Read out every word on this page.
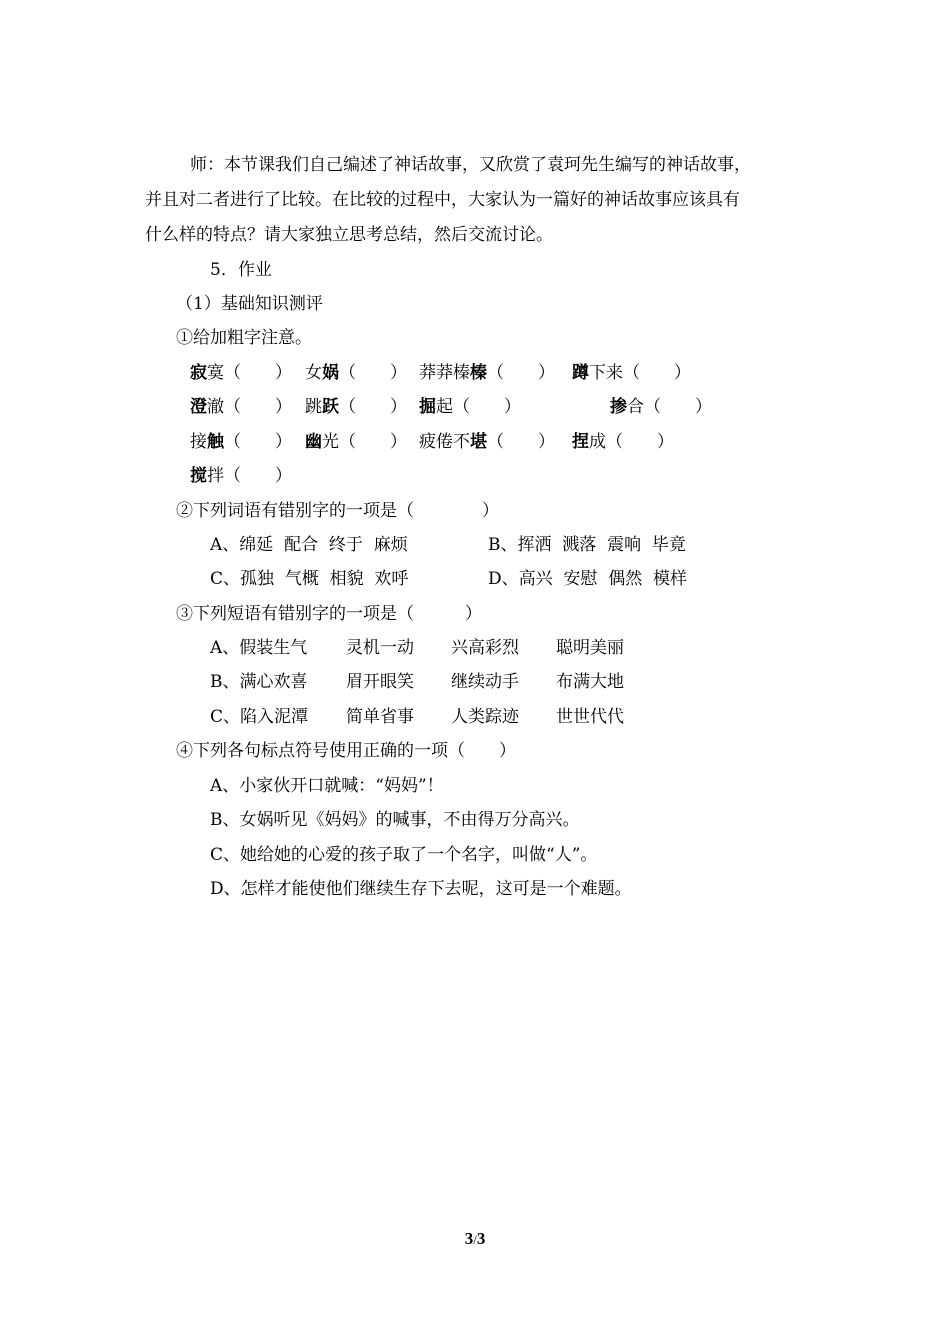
师：本节课我们自己编述了神话故事，又欣赏了袁珂先生编写的神话故事，
并且对二者进行了比较。在比较的过程中，大家认为一篇好的神话故事应该具有
什么样的特点？请大家独立思考总结，然后交流讨论。
5．作业
（1）基础知识测评
①给加粗字注意。
寂寞（　　） 女娲（　　） 莽莽榛榛（　　） 蹲下来（　　）
澄澈（　　） 跳跃（　　） 掘起（　　）	掺合（　　）
接触（　　） 幽光（　　） 疲倦不堪（　　） 捏成（　　）
搅拌（　　）
②下列词语有错别字的一项是（　　　　）
A、绵延  配合  终于  麻烦	B、挥洒  溅落  震响  毕竟
C、孤独  气概  相貌  欢呼	D、高兴  安慰  偶然  模样
③下列短语有错别字的一项是（　　　）
A、假装生气 灵机一动 兴高彩烈 聪明美丽
B、满心欢喜 眉开眼笑 继续动手 布满大地
C、陷入泥潭 简单省事 人类踪迹 世世代代
④下列各句标点符号使用正确的一项（　　）
A、小家伙开口就喊：“妈妈”！
B、女娲听见《妈妈》的喊事，不由得万分高兴。
C、她给她的心爱的孩子取了一个名字，叫做“人”。
D、怎样才能使他们继续生存下去呢，这可是一个难题。
3/3
